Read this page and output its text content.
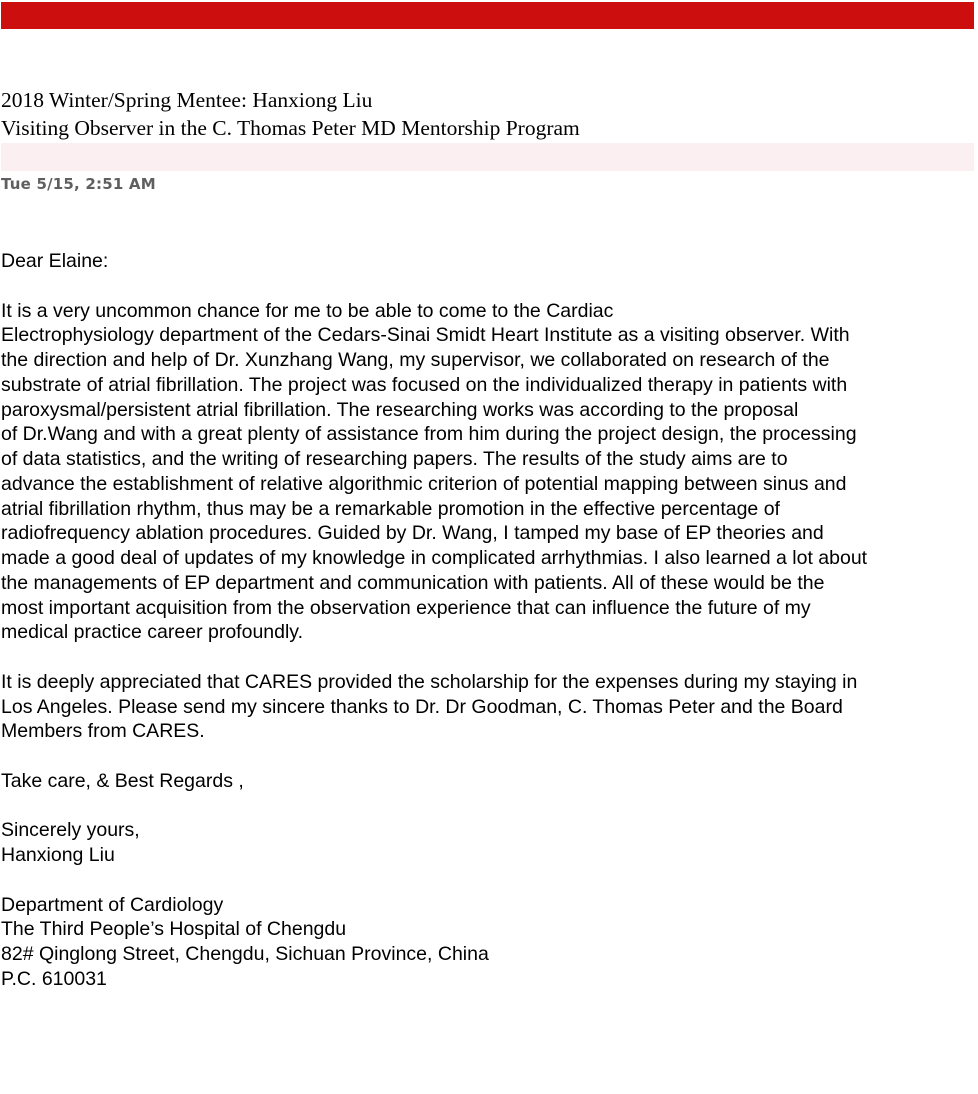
2018 Winter/Spring Mentee: Hanxiong Liu
Visiting Observer in the C. Thomas Peter MD Mentorship Program
Tue 5/15, 2:51 AM

Dear Elaine:

It is a very uncommon chance for me to be able to come to the Cardiac
Electrophysiology department of the Cedars-Sinai Smidt Heart Institute as a visiting observer. With
the direction and help of Dr. Xunzhang Wang, my supervisor, we collaborated on research of the
substrate of atrial fibrillation. The project was focused on the individualized therapy in patients with
paroxysmal/persistent atrial fibrillation. The researching works was according to the proposal
of Dr.Wang and with a great plenty of assistance from him during the project design, the processing
of data statistics, and the writing of researching papers. The results of the study aims are to
advance the establishment of relative algorithmic criterion of potential mapping between sinus and
atrial fibrillation rhythm, thus may be a remarkable promotion in the effective percentage of
radiofrequency ablation procedures. Guided by Dr. Wang, I tamped my base of EP theories and
made a good deal of updates of my knowledge in complicated arrhythmias. I also learned a lot about
the managements of EP department and communication with patients. All of these would be the
most important acquisition from the observation experience that can influence the future of my
medical practice career profoundly.

It is deeply appreciated that CARES provided the scholarship for the expenses during my staying in
Los Angeles. Please send my sincere thanks to Dr. Dr Goodman, C. Thomas Peter and the Board
Members from CARES.

Take care, & Best Regards ,

Sincerely yours,
Hanxiong Liu

Department of Cardiology
The Third People’s Hospital of Chengdu
82# Qinglong Street, Chengdu, Sichuan Province, China
P.C. 610031
